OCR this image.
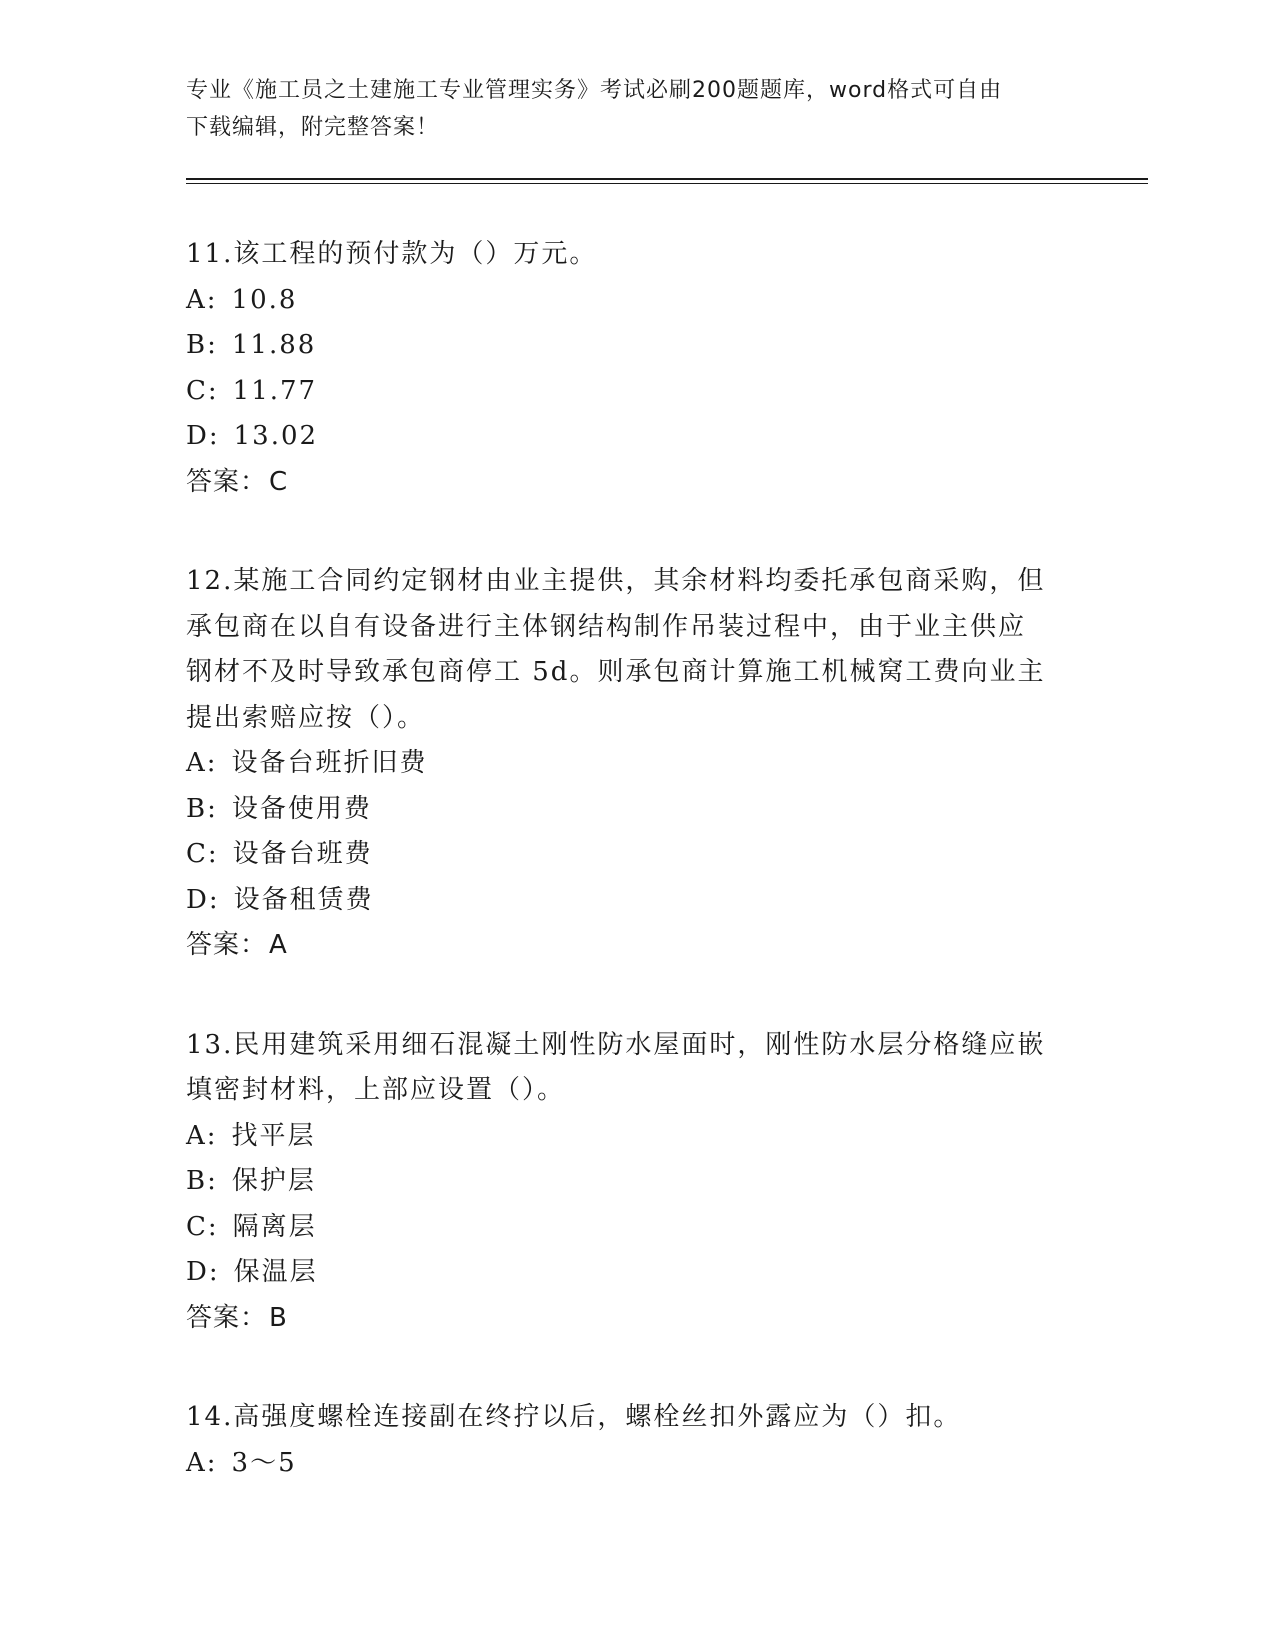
专业《施工员之土建施工专业管理实务》考试必刷200题题库，word格式可自由
下载编辑，附完整答案！
11.该工程的预付款为（）万元。
A: 10.8
B: 11.88
C: 11.77
D: 13.02
答案：C
12.某施工合同约定钢材由业主提供，其余材料均委托承包商采购，但
承包商在以自有设备进行主体钢结构制作吊装过程中，由于业主供应
钢材不及时导致承包商停工 5d。则承包商计算施工机械窝工费向业主
提出索赔应按（）。
A: 设备台班折旧费
B: 设备使用费
C: 设备台班费
D: 设备租赁费
答案：A
13.民用建筑采用细石混凝土刚性防水屋面时，刚性防水层分格缝应嵌
填密封材料，上部应设置（）。
A: 找平层
B: 保护层
C: 隔离层
D: 保温层
答案：B
14.高强度螺栓连接副在终拧以后，螺栓丝扣外露应为（）扣。
A: 3～5
